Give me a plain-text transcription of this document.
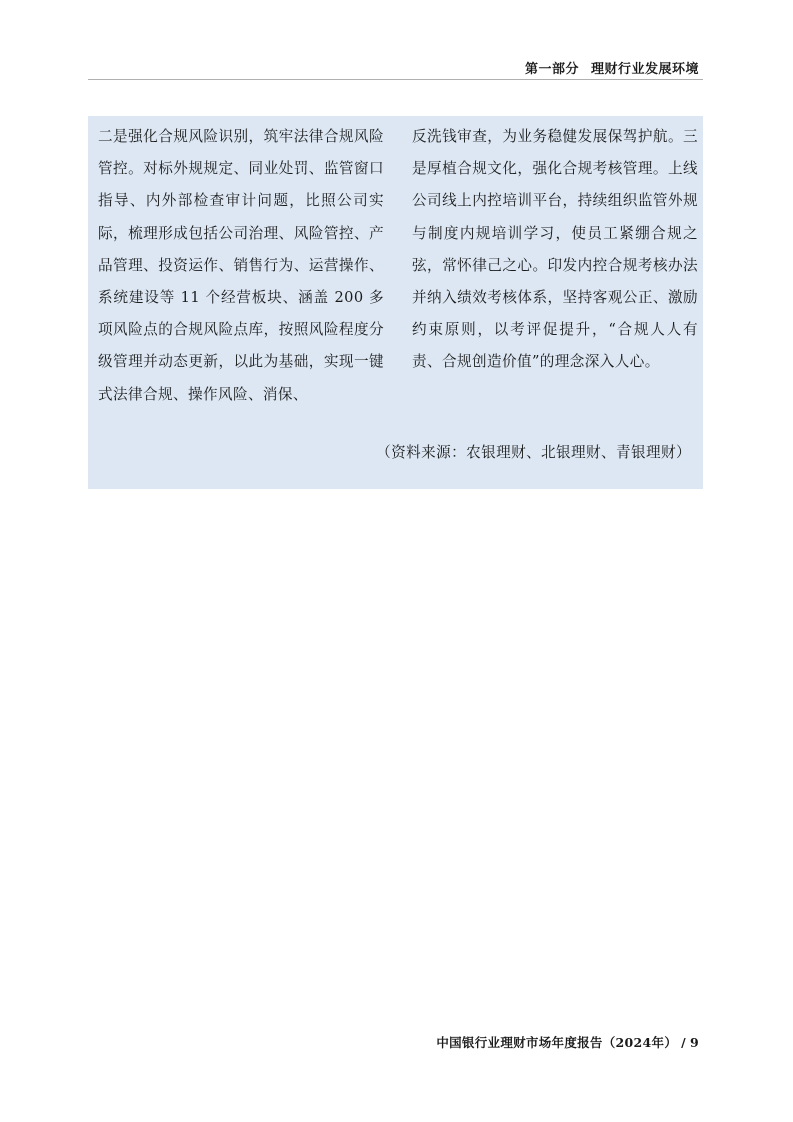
第一部分 理财行业发展环境
二是强化合规风险识别，筑牢法律合规风险管控。对标外规规定、同业处罚、监管窗口指导、内外部检查审计问题，比照公司实际，梳理形成包括公司治理、风险管控、产品管理、投资运作、销售行为、运营操作、系统建设等 11 个经营板块、涵盖 200 多项风险点的合规风险点库，按照风险程度分级管理并动态更新，以此为基础，实现一键式法律合规、操作风险、消保、
反洗钱审查，为业务稳健发展保驾护航。三是厚植合规文化，强化合规考核管理。上线公司线上内控培训平台，持续组织监管外规与制度内规培训学习，使员工紧绷合规之弦，常怀律己之心。印发内控合规考核办法并纳入绩效考核体系，坚持客观公正、激励约束原则，以考评促提升，“合规人人有责、合规创造价值”的理念深入人心。
（资料来源：农银理财、北银理财、青银理财）
中国银行业理财市场年度报告（2024年） / 9
